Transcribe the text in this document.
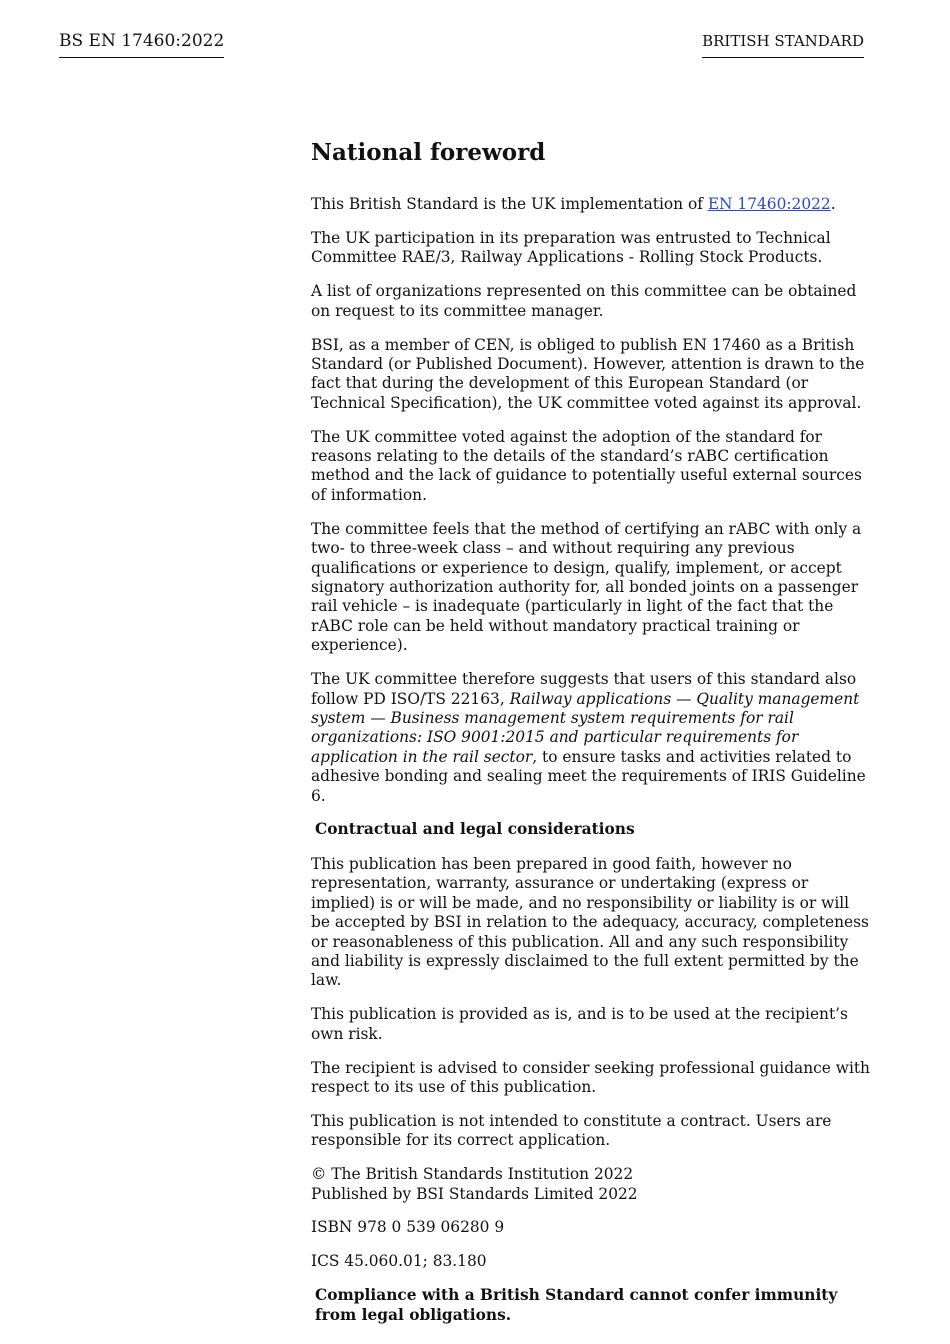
BS EN 17460:2022	BRITISH STANDARD
National foreword

This British Standard is the UK implementation of EN 17460:2022.

The UK participation in its preparation was entrusted to Technical Committee RAE/3, Railway Applications - Rolling Stock Products.

A list of organizations represented on this committee can be obtained on request to its committee manager.

BSI, as a member of CEN, is obliged to publish EN 17460 as a British Standard (or Published Document). However, attention is drawn to the fact that during the development of this European Standard (or Technical Specification), the UK committee voted against its approval.

The UK committee voted against the adoption of the standard for reasons relating to the details of the standard’s rABC certification method and the lack of guidance to potentially useful external sources of information.

The committee feels that the method of certifying an rABC with only a two- to three-week class – and without requiring any previous qualifications or experience to design, qualify, implement, or accept signatory authorization authority for, all bonded joints on a passenger rail vehicle – is inadequate (particularly in light of the fact that the rABC role can be held without mandatory practical training or experience).

The UK committee therefore suggests that users of this standard also follow PD ISO/TS 22163, Railway applications — Quality management system — Business management system requirements for rail organizations: ISO 9001:2015 and particular requirements for application in the rail sector, to ensure tasks and activities related to adhesive bonding and sealing meet the requirements of IRIS Guideline 6.

Contractual and legal considerations

This publication has been prepared in good faith, however no representation, warranty, assurance or undertaking (express or implied) is or will be made, and no responsibility or liability is or will be accepted by BSI in relation to the adequacy, accuracy, completeness or reasonableness of this publication. All and any such responsibility and liability is expressly disclaimed to the full extent permitted by the law.

This publication is provided as is, and is to be used at the recipient’s own risk.

The recipient is advised to consider seeking professional guidance with respect to its use of this publication.

This publication is not intended to constitute a contract. Users are responsible for its correct application.

© The British Standards Institution 2022
Published by BSI Standards Limited 2022

ISBN 978 0 539 06280 9

ICS 45.060.01; 83.180

Compliance with a British Standard cannot confer immunity from legal obligations.
